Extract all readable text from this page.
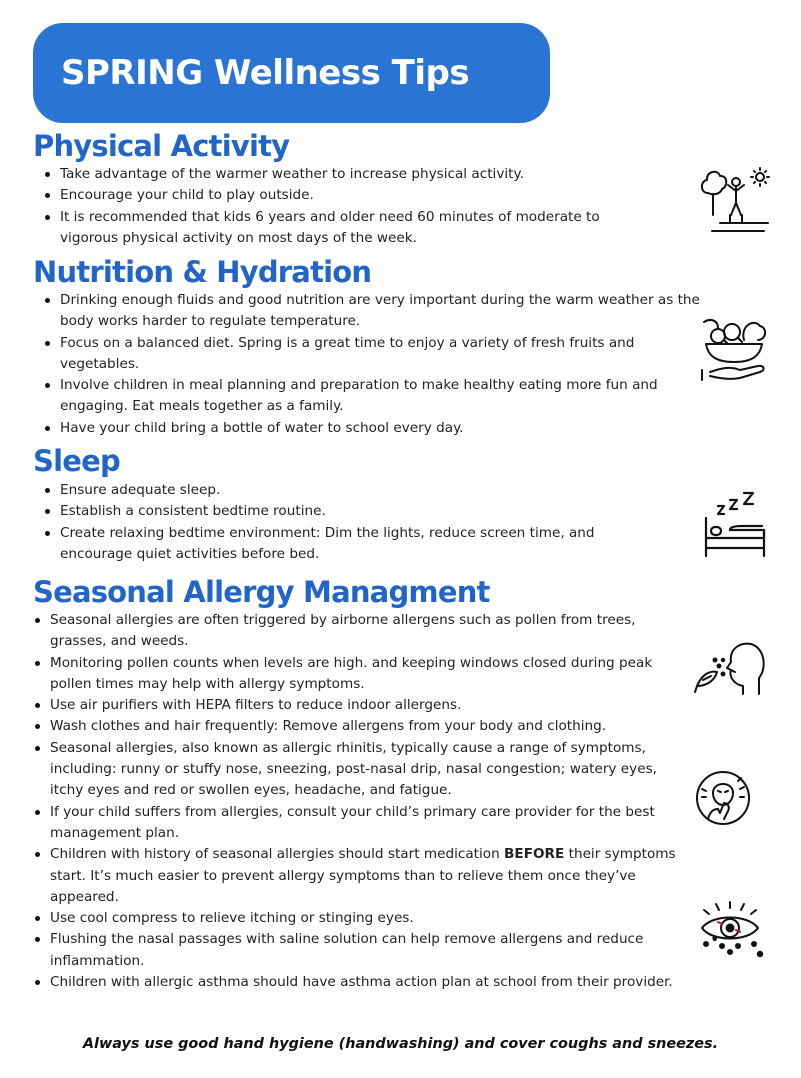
SPRING Wellness Tips
Physical Activity
Take advantage of the warmer weather to increase physical activity.
Encourage your child to play outside.
It is recommended that kids 6 years and older need 60 minutes of moderate to vigorous physical activity on most days of the week.
Nutrition & Hydration
Drinking enough fluids and good nutrition are very important during the warm weather as the body works harder to regulate temperature.
Focus on a balanced diet. Spring is a great time to enjoy a variety of fresh fruits and vegetables.
Involve children in meal planning and preparation to make healthy eating more fun and engaging. Eat meals together as a family.
Have your child bring a bottle of water to school every day.
Sleep
Ensure adequate sleep.
Establish a consistent bedtime routine.
Create relaxing bedtime environment: Dim the lights, reduce screen time, and encourage quiet activities before bed.
Seasonal Allergy Managment
Seasonal allergies are often triggered by airborne allergens such as pollen from trees, grasses, and weeds.
Monitoring pollen counts when levels are high. and keeping windows closed during peak pollen times may help with allergy symptoms.
Use air purifiers with HEPA filters to reduce indoor allergens.
Wash clothes and hair frequently: Remove allergens from your body and clothing.
Seasonal allergies, also known as allergic rhinitis, typically cause a range of symptoms, including: runny or stuffy nose, sneezing, post-nasal drip, nasal congestion; watery eyes, itchy eyes and red or swollen eyes, headache, and fatigue.
If your child suffers from allergies, consult your child’s primary care provider for the best management plan.
Children with history of seasonal allergies should start medication BEFORE their symptoms start. It’s much easier to prevent allergy symptoms than to relieve them once they’ve appeared.
Use cool compress to relieve itching or stinging eyes.
Flushing the nasal passages with saline solution can help remove allergens and reduce inflammation.
Children with allergic asthma should have asthma action plan at school from their provider.

Always use good hand hygiene (handwashing) and cover coughs and sneezes.
